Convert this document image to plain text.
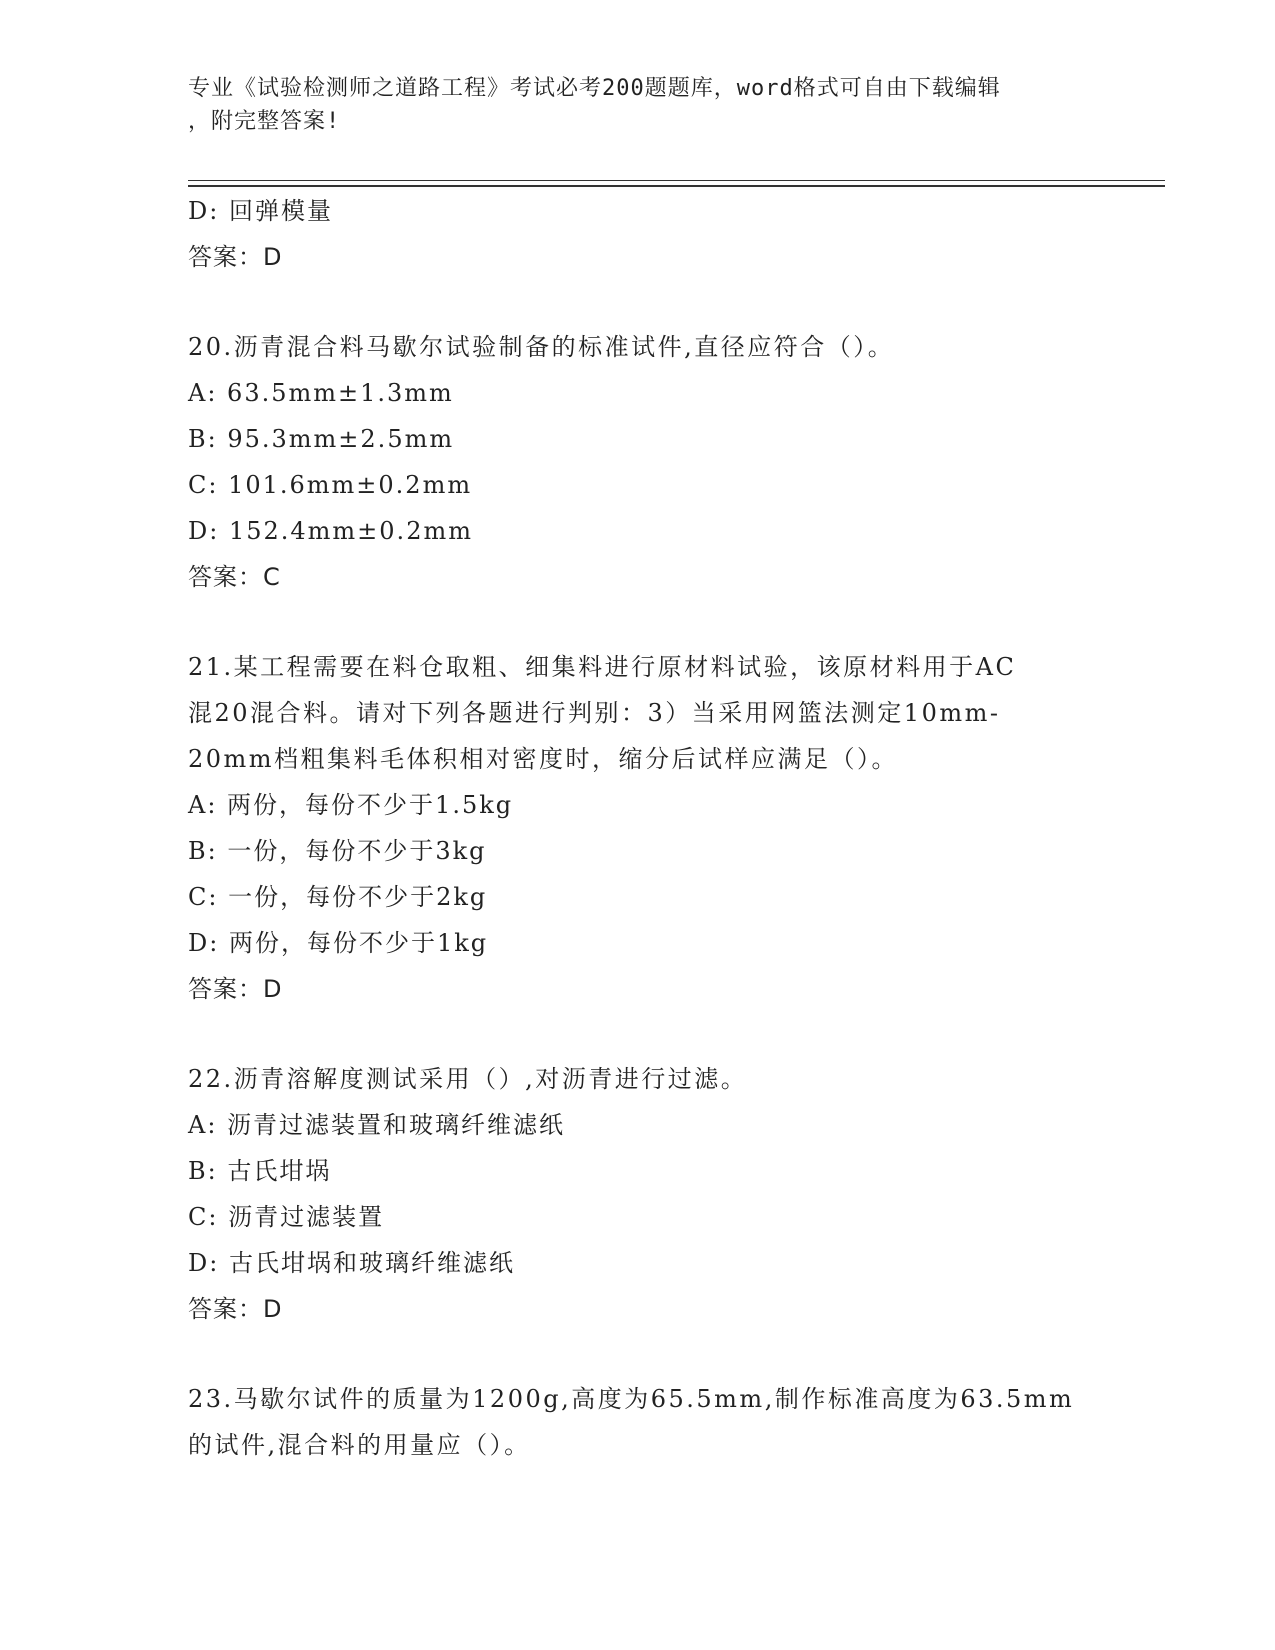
专业《试验检测师之道路工程》考试必考200题题库，word格式可自由下载编辑
，附完整答案!
D: 回弹模量
答案：D
20.沥青混合料马歇尔试验制备的标准试件,直径应符合（）。
A: 63.5mm±1.3mm
B: 95.3mm±2.5mm
C: 101.6mm±0.2mm
D: 152.4mm±0.2mm
答案：C
21.某工程需要在料仓取粗、细集料进行原材料试验，该原材料用于AC
混20混合料。请对下列各题进行判别：3）当采用网篮法测定10mm-
20mm档粗集料毛体积相对密度时，缩分后试样应满足（）。
A: 两份，每份不少于1.5kg
B: 一份，每份不少于3kg
C: 一份，每份不少于2kg
D: 两份，每份不少于1kg
答案：D
22.沥青溶解度测试采用（）,对沥青进行过滤。
A: 沥青过滤装置和玻璃纤维滤纸
B: 古氏坩埚
C: 沥青过滤装置
D: 古氏坩埚和玻璃纤维滤纸
答案：D
23.马歇尔试件的质量为1200g,高度为65.5mm,制作标准高度为63.5mm
的试件,混合料的用量应（）。
